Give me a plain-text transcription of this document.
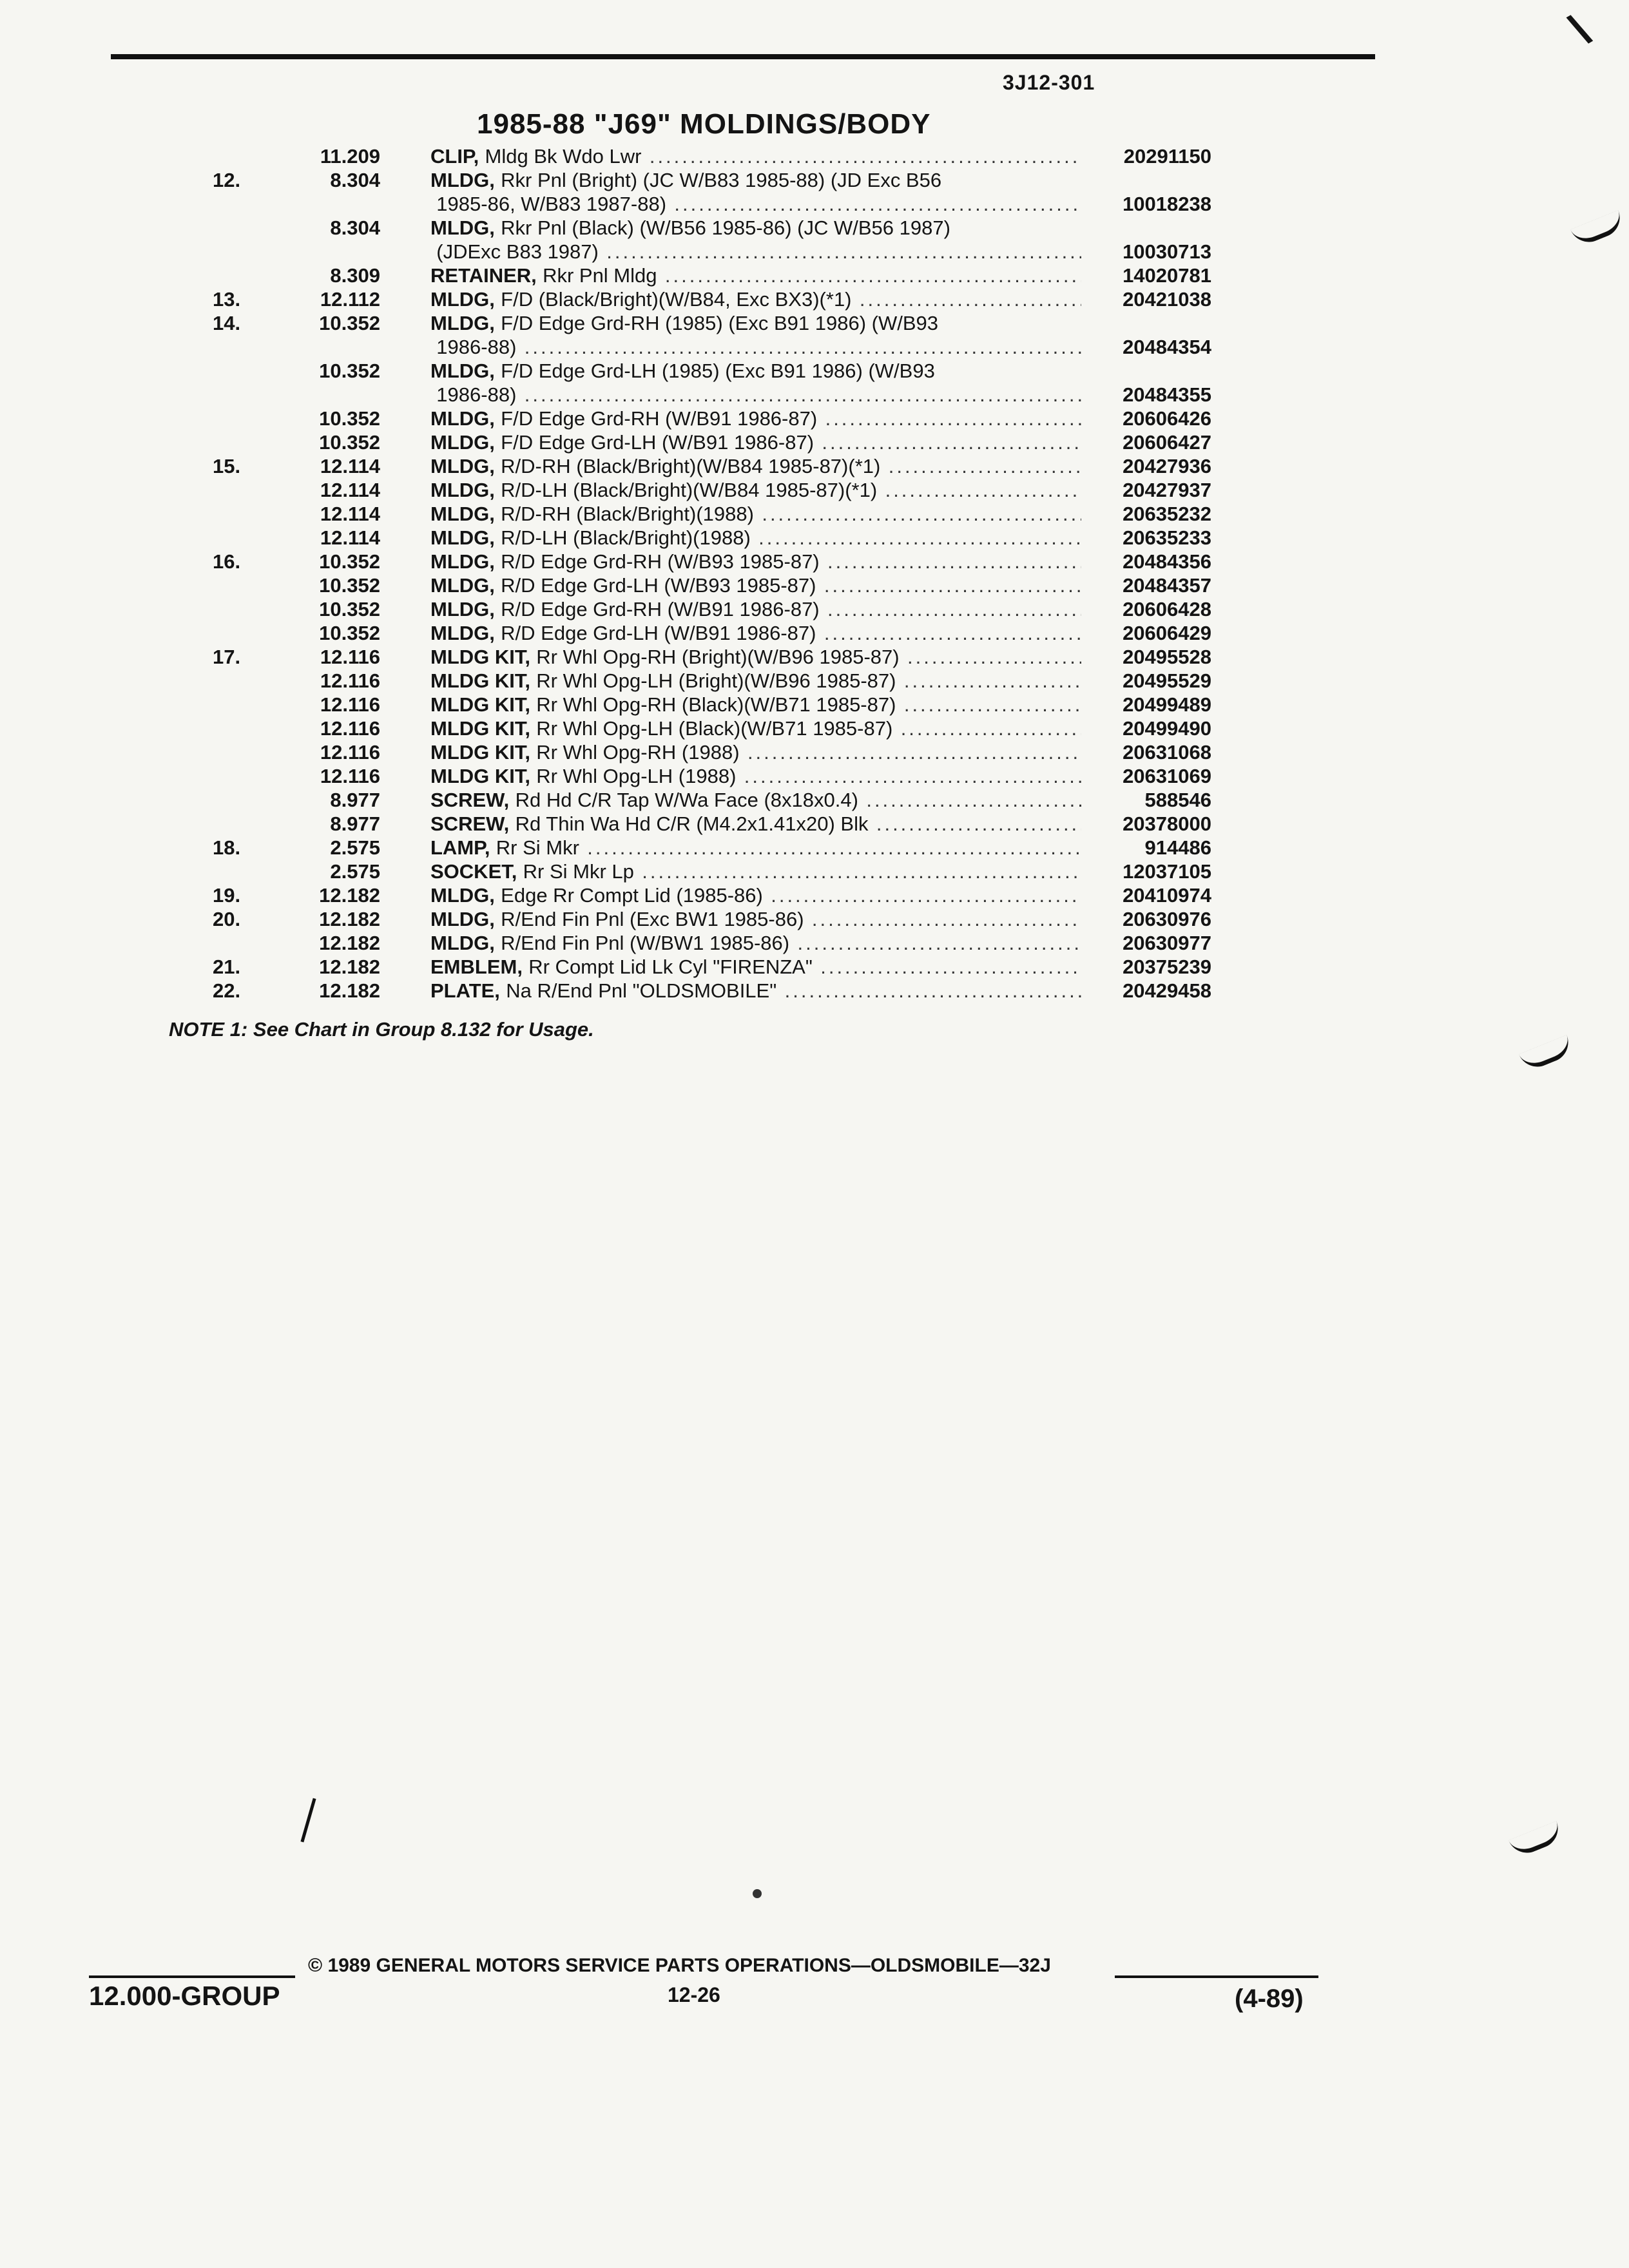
\
3J12-301
1985-88 "J69" MOLDINGS/BODY
11.209	CLIP, Mldg Bk Wdo Lwr .....	20291150
12.	8.304	MLDG, Rkr Pnl (Bright) (JC W/B83 1985-88) (JD Exc B56
1985-86, W/B83 1987-88) .....	10018238
8.304	MLDG, Rkr Pnl (Black) (W/B56 1985-86) (JC W/B56 1987)
(JDExc B83 1987) .....	10030713
8.309	RETAINER, Rkr Pnl Mldg .....	14020781
13.	12.112	MLDG, F/D (Black/Bright)(W/B84, Exc BX3)(*1) .....	20421038
14.	10.352	MLDG, F/D Edge Grd-RH (1985) (Exc B91 1986) (W/B93
1986-88) .....	20484354
10.352	MLDG, F/D Edge Grd-LH (1985) (Exc B91 1986) (W/B93
1986-88) .....	20484355
10.352	MLDG, F/D Edge Grd-RH (W/B91 1986-87) .....	20606426
10.352	MLDG, F/D Edge Grd-LH (W/B91 1986-87) .....	20606427
15.	12.114	MLDG, R/D-RH (Black/Bright)(W/B84 1985-87)(*1) .....	20427936
12.114	MLDG, R/D-LH (Black/Bright)(W/B84 1985-87)(*1) .....	20427937
12.114	MLDG, R/D-RH (Black/Bright)(1988) .....	20635232
12.114	MLDG, R/D-LH (Black/Bright)(1988) .....	20635233
16.	10.352	MLDG, R/D Edge Grd-RH (W/B93 1985-87) .....	20484356
10.352	MLDG, R/D Edge Grd-LH (W/B93 1985-87) .....	20484357
10.352	MLDG, R/D Edge Grd-RH (W/B91 1986-87) .....	20606428
10.352	MLDG, R/D Edge Grd-LH (W/B91 1986-87) .....	20606429
17.	12.116	MLDG KIT, Rr Whl Opg-RH (Bright)(W/B96 1985-87) .....	20495528
12.116	MLDG KIT, Rr Whl Opg-LH (Bright)(W/B96 1985-87) .....	20495529
12.116	MLDG KIT, Rr Whl Opg-RH (Black)(W/B71 1985-87) .....	20499489
12.116	MLDG KIT, Rr Whl Opg-LH (Black)(W/B71 1985-87) .....	20499490
12.116	MLDG KIT, Rr Whl Opg-RH (1988) .....	20631068
12.116	MLDG KIT, Rr Whl Opg-LH (1988) .....	20631069
8.977	SCREW, Rd Hd C/R Tap W/Wa Face (8x18x0.4) .....	588546
8.977	SCREW, Rd Thin Wa Hd C/R (M4.2x1.41x20) Blk .....	20378000
18.	2.575	LAMP, Rr Si Mkr .....	914486
2.575	SOCKET, Rr Si Mkr Lp .....	12037105
19.	12.182	MLDG, Edge Rr Compt Lid (1985-86) .....	20410974
20.	12.182	MLDG, R/End Fin Pnl (Exc BW1 1985-86) .....	20630976
12.182	MLDG, R/End Fin Pnl (W/BW1 1985-86) .....	20630977
21.	12.182	EMBLEM, Rr Compt Lid Lk Cyl "FIRENZA" .....	20375239
22.	12.182	PLATE, Na R/End Pnl "OLDSMOBILE" .....	20429458
NOTE 1: See Chart in Group 8.132 for Usage.
© 1989 GENERAL MOTORS SERVICE PARTS OPERATIONS—OLDSMOBILE—32J
12.000-GROUP	12-26	(4-89)
